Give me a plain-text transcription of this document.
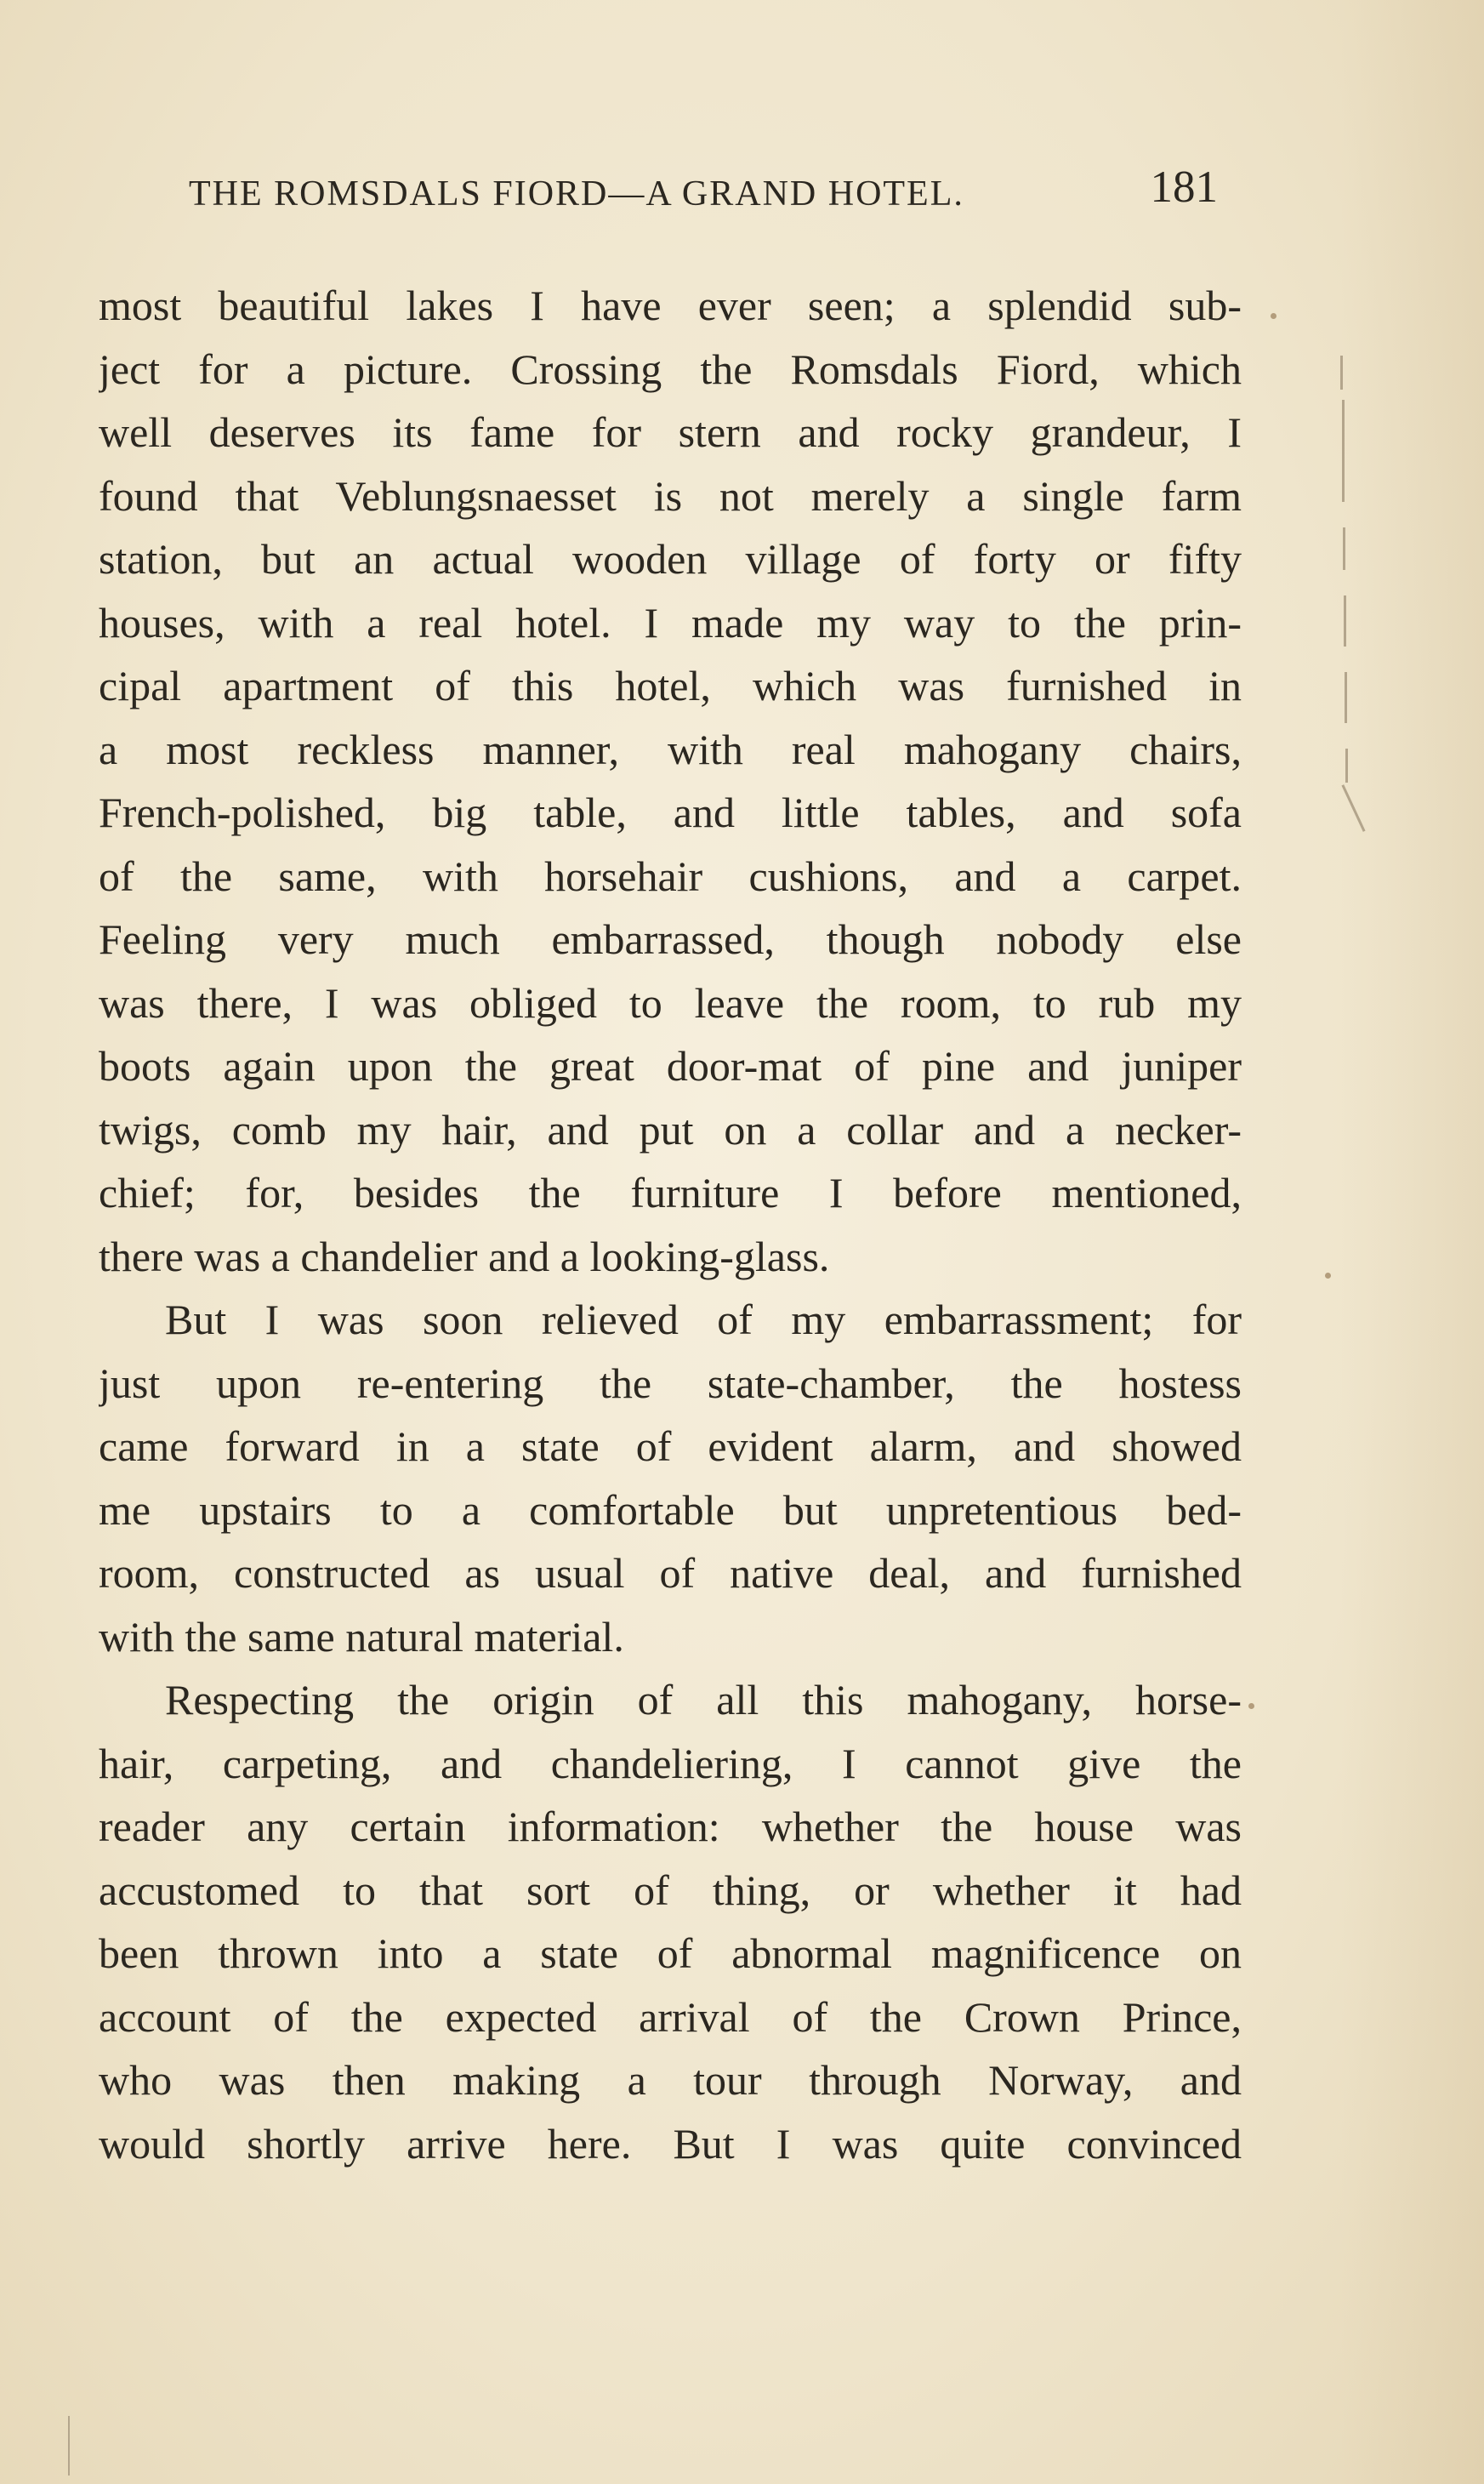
THE ROMSDALS FIORD—A GRAND HOTEL.	181
most beautiful lakes I have ever seen; a splendid sub-
ject for a picture. Crossing the Romsdals Fiord, which
well deserves its fame for stern and rocky grandeur, I
found that Veblungsnaesset is not merely a single farm
station, but an actual wooden village of forty or fifty
houses, with a real hotel. I made my way to the prin-
cipal apartment of this hotel, which was furnished in
a most reckless manner, with real mahogany chairs,
French-polished, big table, and little tables, and sofa
of the same, with horsehair cushions, and a carpet.
Feeling very much embarrassed, though nobody else
was there, I was obliged to leave the room, to rub my
boots again upon the great door-mat of pine and juniper
twigs, comb my hair, and put on a collar and a necker-
chief; for, besides the furniture I before mentioned,
there was a chandelier and a looking-glass.
But I was soon relieved of my embarrassment; for
just upon re-entering the state-chamber, the hostess
came forward in a state of evident alarm, and showed
me upstairs to a comfortable but unpretentious bed-
room, constructed as usual of native deal, and furnished
with the same natural material.
Respecting the origin of all this mahogany, horse-
hair, carpeting, and chandeliering, I cannot give the
reader any certain information: whether the house was
accustomed to that sort of thing, or whether it had
been thrown into a state of abnormal magnificence on
account of the expected arrival of the Crown Prince,
who was then making a tour through Norway, and
would shortly arrive here. But I was quite convinced
